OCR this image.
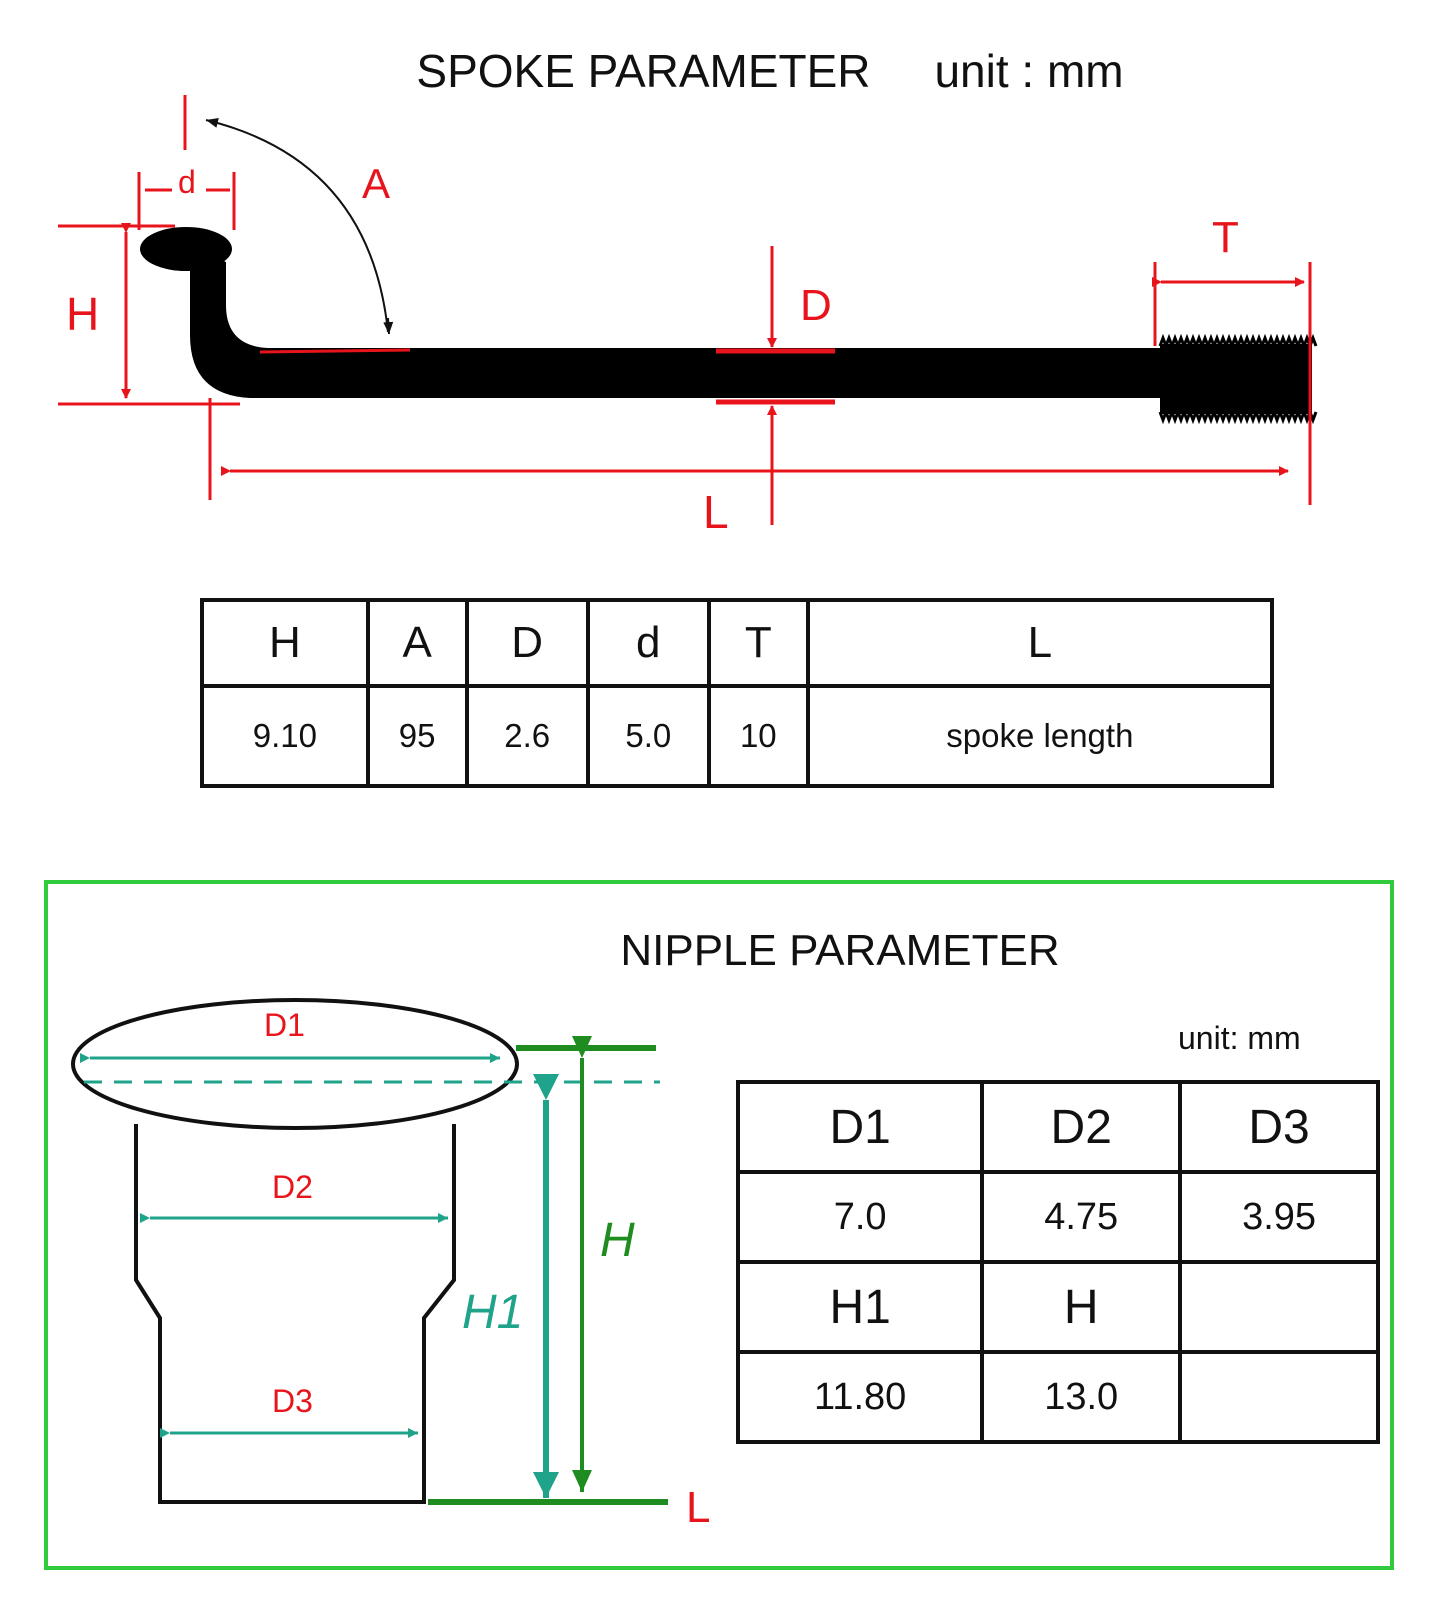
SPOKE PARAMETER unit : mm
d	A
H	D
T
L
H	A	D	d	T	L
9.10	95	2.6	5.0	10	spoke length
NIPPLE PARAMETER
unit: mm
D1
D2
D3
H1
H
L
D1	D2	D3
7.0	4.75	3.95
H1	H	
11.80	13.0	
